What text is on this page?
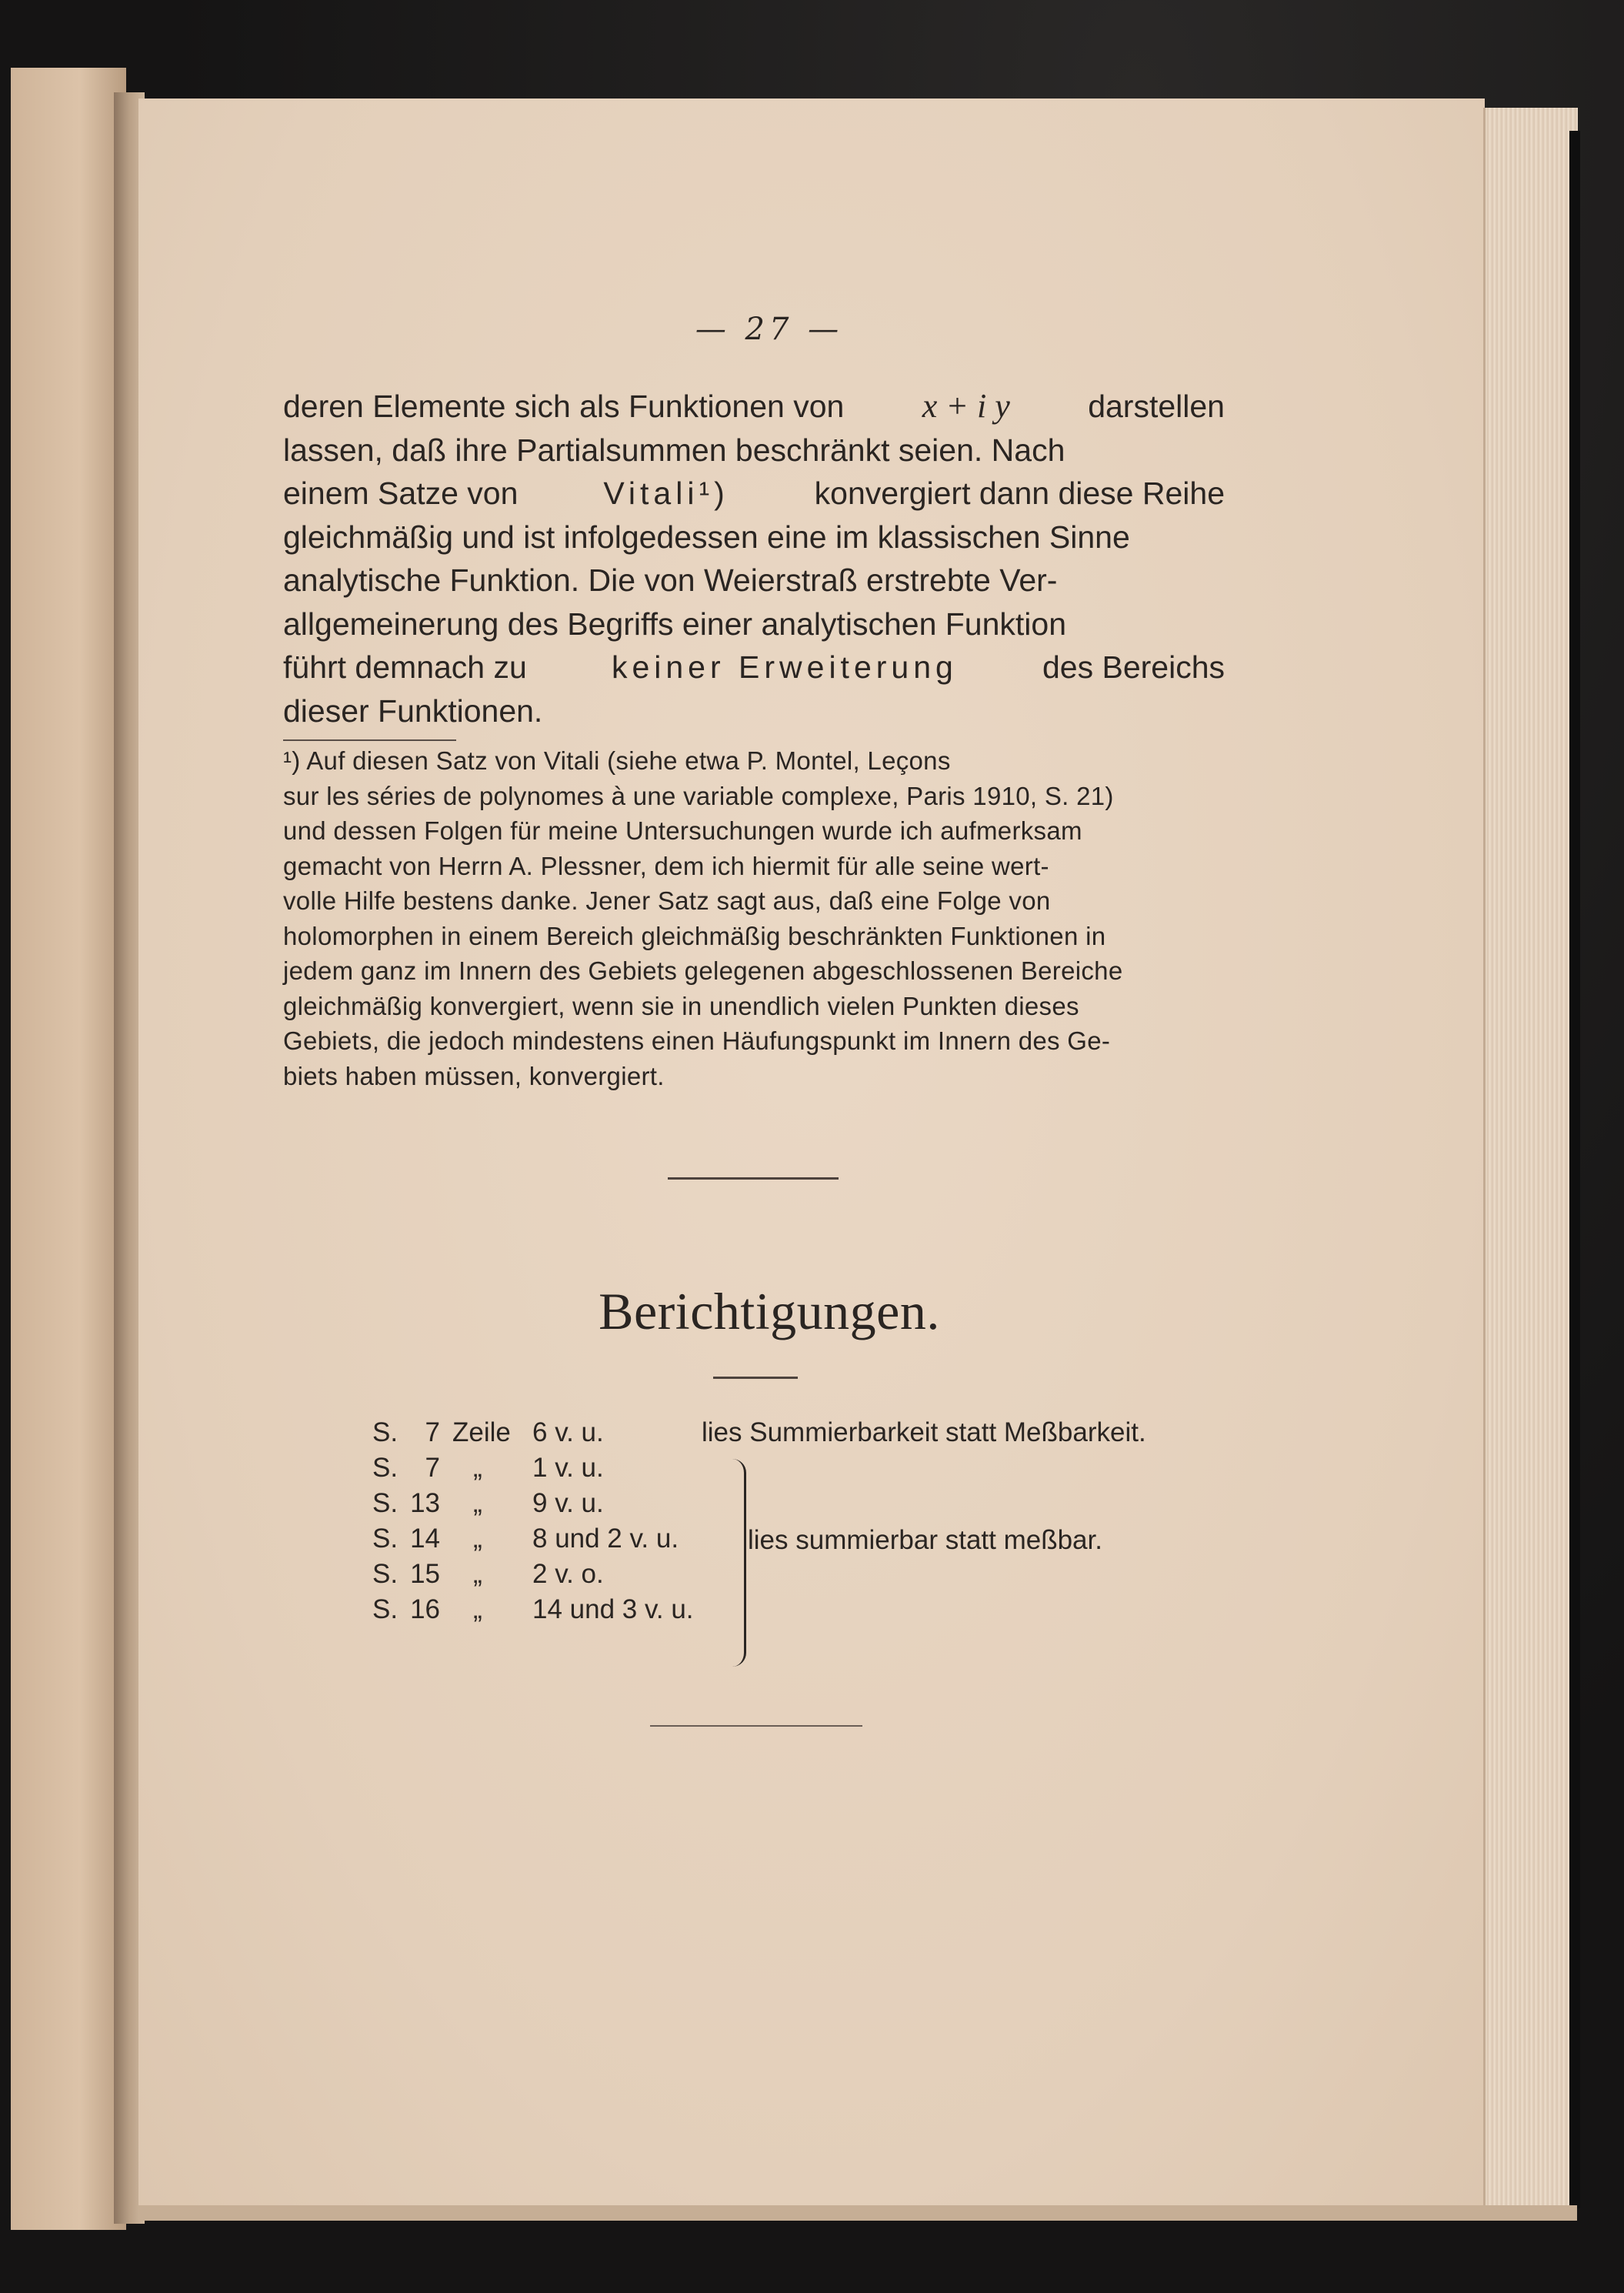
— 27 —
deren Elemente sich als Funktionen von x + i y darstellen
lassen, daß ihre Partialsummen beschränkt seien. Nach
einem Satze von	Vitali¹)	konvergiert dann diese Reihe
gleichmäßig und ist infolgedessen eine im klassischen Sinne
analytische Funktion. Die von Weierstraß erstrebte Ver-
allgemeinerung des Begriffs einer analytischen Funktion
führt demnach zu	keiner Erweiterung	des Bereichs
dieser Funktionen.
¹) Auf diesen Satz von Vitali (siehe etwa P. Montel, Leçons
sur les séries de polynomes à une variable complexe, Paris 1910, S. 21)
und dessen Folgen für meine Untersuchungen wurde ich aufmerksam
gemacht von Herrn A. Plessner, dem ich hiermit für alle seine wert-
volle Hilfe bestens danke. Jener Satz sagt aus, daß eine Folge von
holomorphen in einem Bereich gleichmäßig beschränkten Funktionen in
jedem ganz im Innern des Gebiets gelegenen abgeschlossenen Bereiche
gleichmäßig konvergiert, wenn sie in unendlich vielen Punkten dieses
Gebiets, die jedoch mindestens einen Häufungspunkt im Innern des Ge-
biets haben müssen, konvergiert.
Berichtigungen.
S.	7 Zeile 6 v. u.	lies Summierbarkeit statt Meßbarkeit.
S.	7	„	1 v. u.
S. 13	„	9 v. u.
S. 14	„	8 und 2 v. u.
S. 15	„	2 v. o.
S. 16	„	14 und 3 v. u.
lies summierbar statt meßbar.
